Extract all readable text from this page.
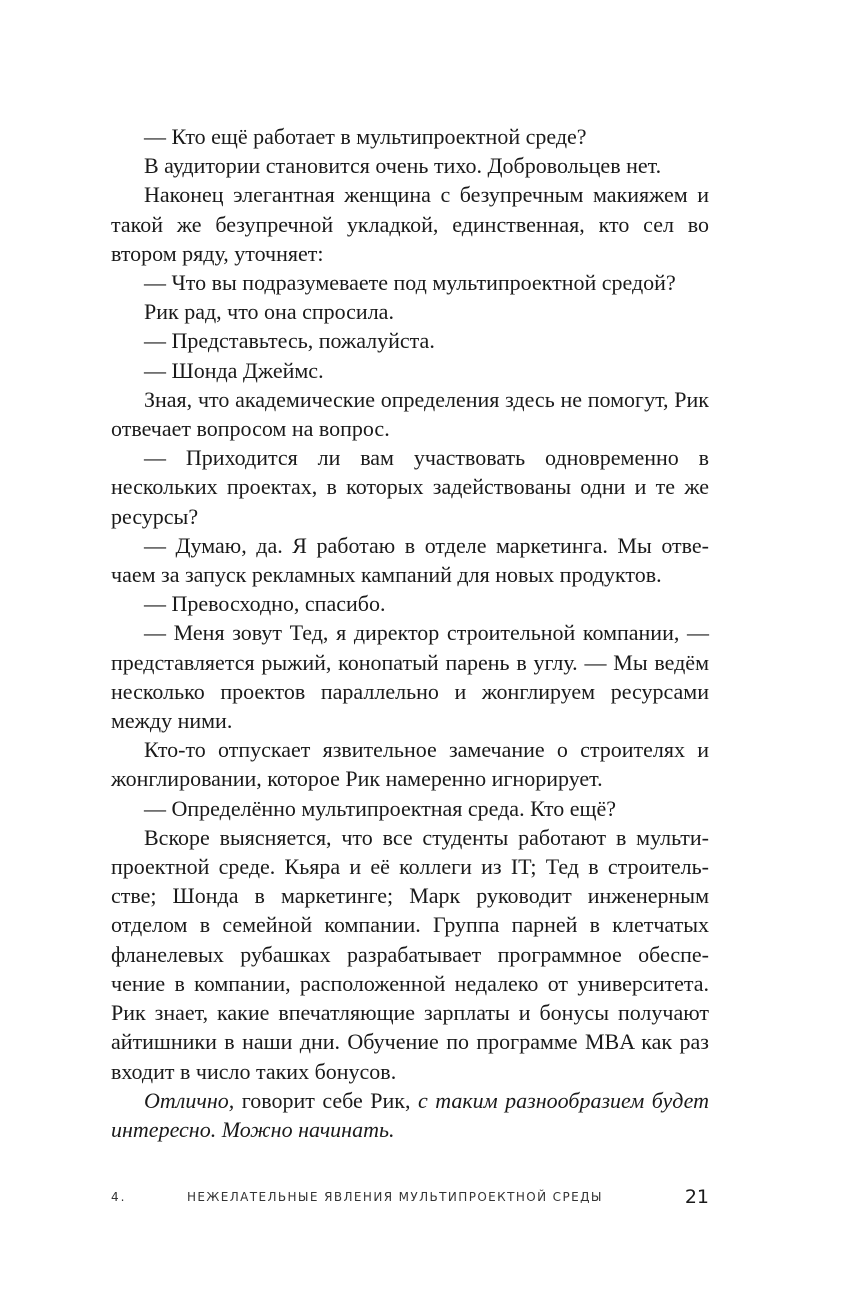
— Кто ещё работает в мультипроектной среде?

В аудитории становится очень тихо. Добровольцев нет.

Наконец элегантная женщина с безупречным макияжем и такой же безупречной укладкой, единственная, кто сел во втором ряду, уточняет:

— Что вы подразумеваете под мультипроектной средой?

Рик рад, что она спросила.

— Представьтесь, пожалуйста.

— Шонда Джеймс.

Зная, что академические определения здесь не помогут, Рик отвечает вопросом на вопрос.

— Приходится ли вам участвовать одновременно в нескольких проектах, в которых задействованы одни и те же ресурсы?

— Думаю, да. Я работаю в отделе маркетинга. Мы отвечаем за запуск рекламных кампаний для новых продуктов.

— Превосходно, спасибо.

— Меня зовут Тед, я директор строительной компании, — представляется рыжий, конопатый парень в углу. — Мы ведём несколько проектов параллельно и жонглируем ресурсами между ними.

Кто-то отпускает язвительное замечание о строителях и жонглировании, которое Рик намеренно игнорирует.

— Определённо мультипроектная среда. Кто ещё?

Вскоре выясняется, что все студенты работают в мультипроектной среде. Кьяра и её коллеги из IT; Тед в строительстве; Шонда в маркетинге; Марк руководит инженерным отделом в семейной компании. Группа парней в клетчатых фланелевых рубашках разрабатывает программное обеспечение в компании, расположенной недалеко от университета. Рик знает, какие впечатляющие зарплаты и бонусы получают айтишники в наши дни. Обучение по программе MBA как раз входит в число таких бонусов.

Отлично, говорит себе Рик, с таким разнообразием будет интересно. Можно начинать.

4.	НЕЖЕЛАТЕЛЬНЫЕ ЯВЛЕНИЯ МУЛЬТИПРОЕКТНОЙ СРЕДЫ	21
